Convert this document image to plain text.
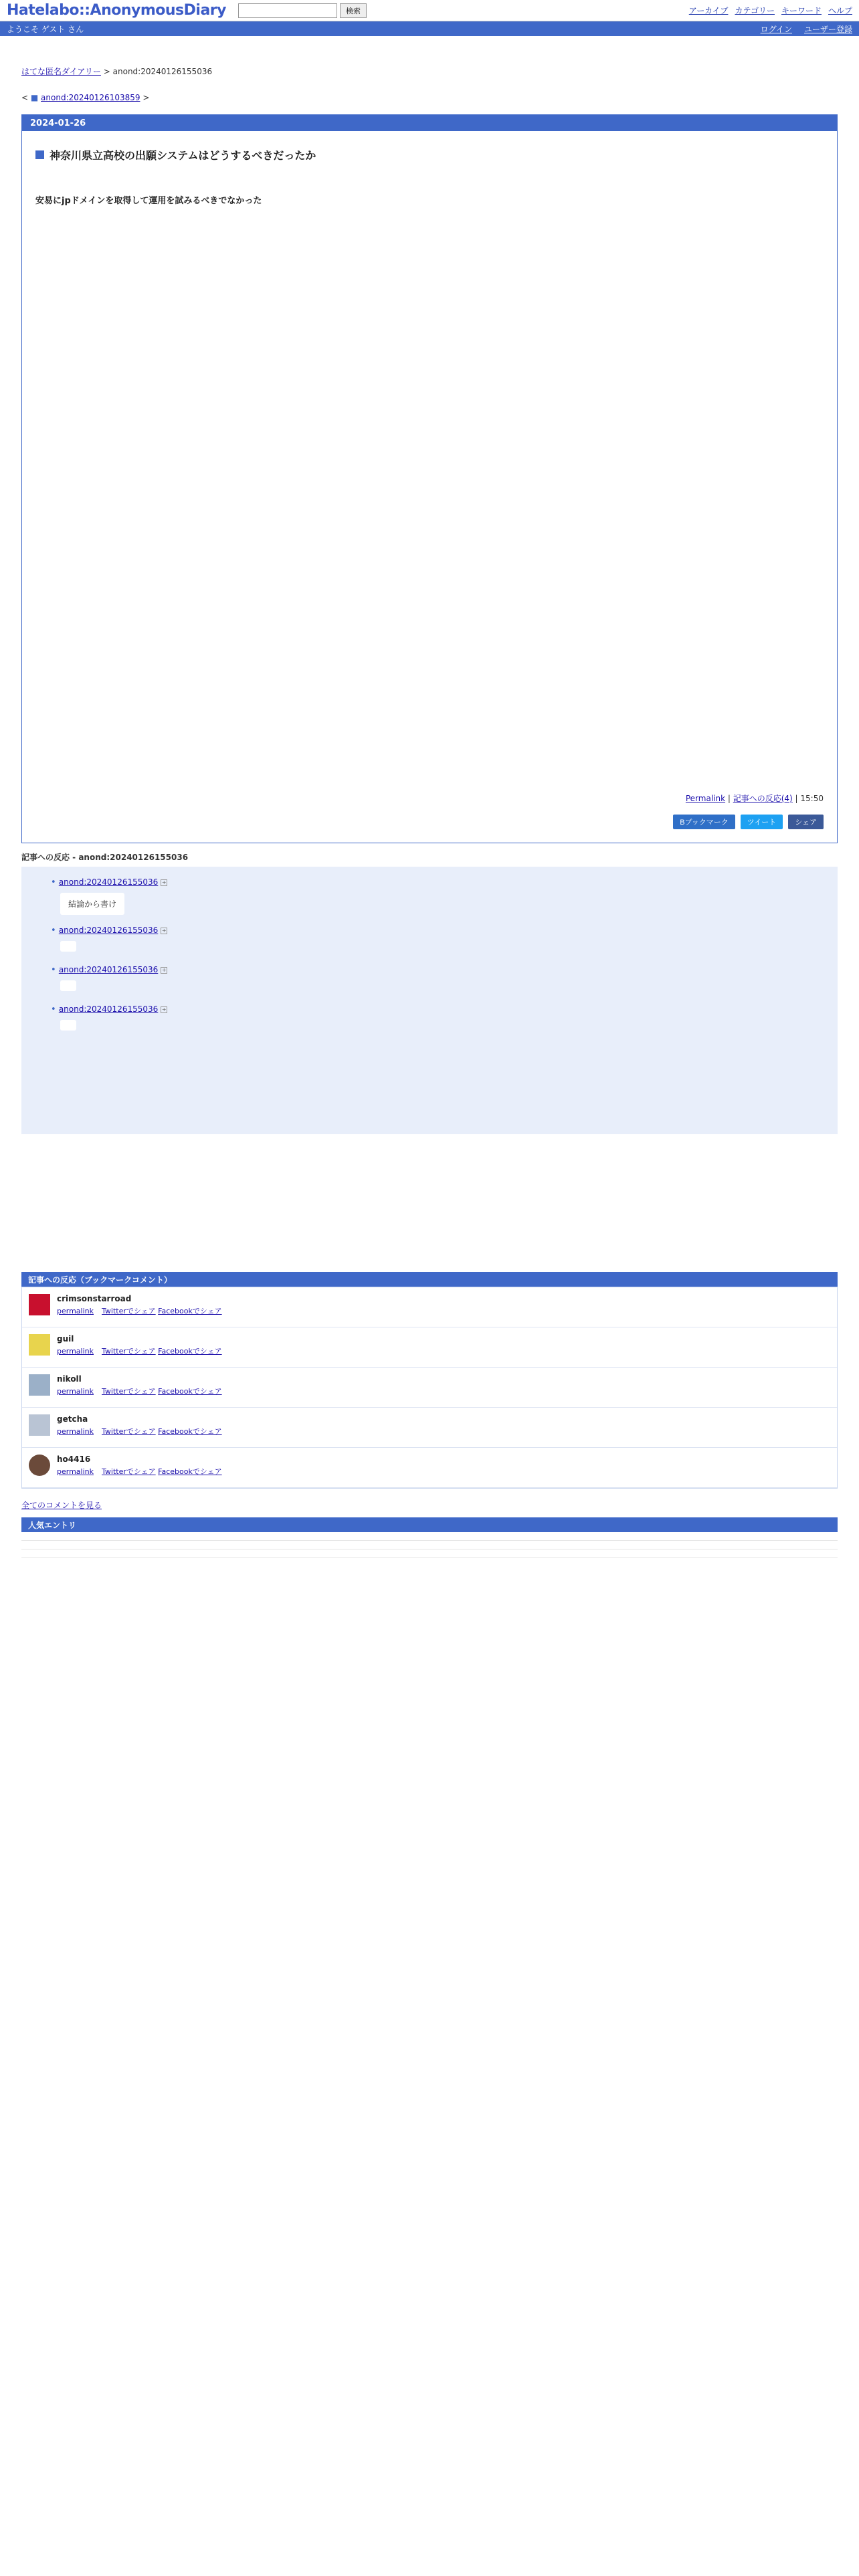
Hatelabo::AnonymousDiary	検索	アーカイブ カテゴリー キーワード ヘルプ
ようこそ ゲスト さん	ログイン ユーザー登録
はてな匿名ダイアリー > anond:20240126155036
< ■ anond:20240126103859 >
2024-01-26
神奈川県立高校の出願システムはどうするべきだったか
安易にjpドメインを取得して運用を試みるべきでなかった
Permalink | 記事への反応(4) | 15:50
Bブックマーク	ツイート	シェア
記事への反応 - anond:20240126155036
• anond:20240126155036 +
結論から書け
• anond:20240126155036 +

• anond:20240126155036 +

• anond:20240126155036 +

記事への反応（ブックマークコメント）
crimsonstarroad
permalink Twitterでシェア Facebookでシェア
guil
permalink Twitterでシェア Facebookでシェア
nikoll
permalink Twitterでシェア Facebookでシェア
getcha
permalink Twitterでシェア Facebookでシェア
ho4416
permalink Twitterでシェア Facebookでシェア
全てのコメントを見る
人気エントリ
